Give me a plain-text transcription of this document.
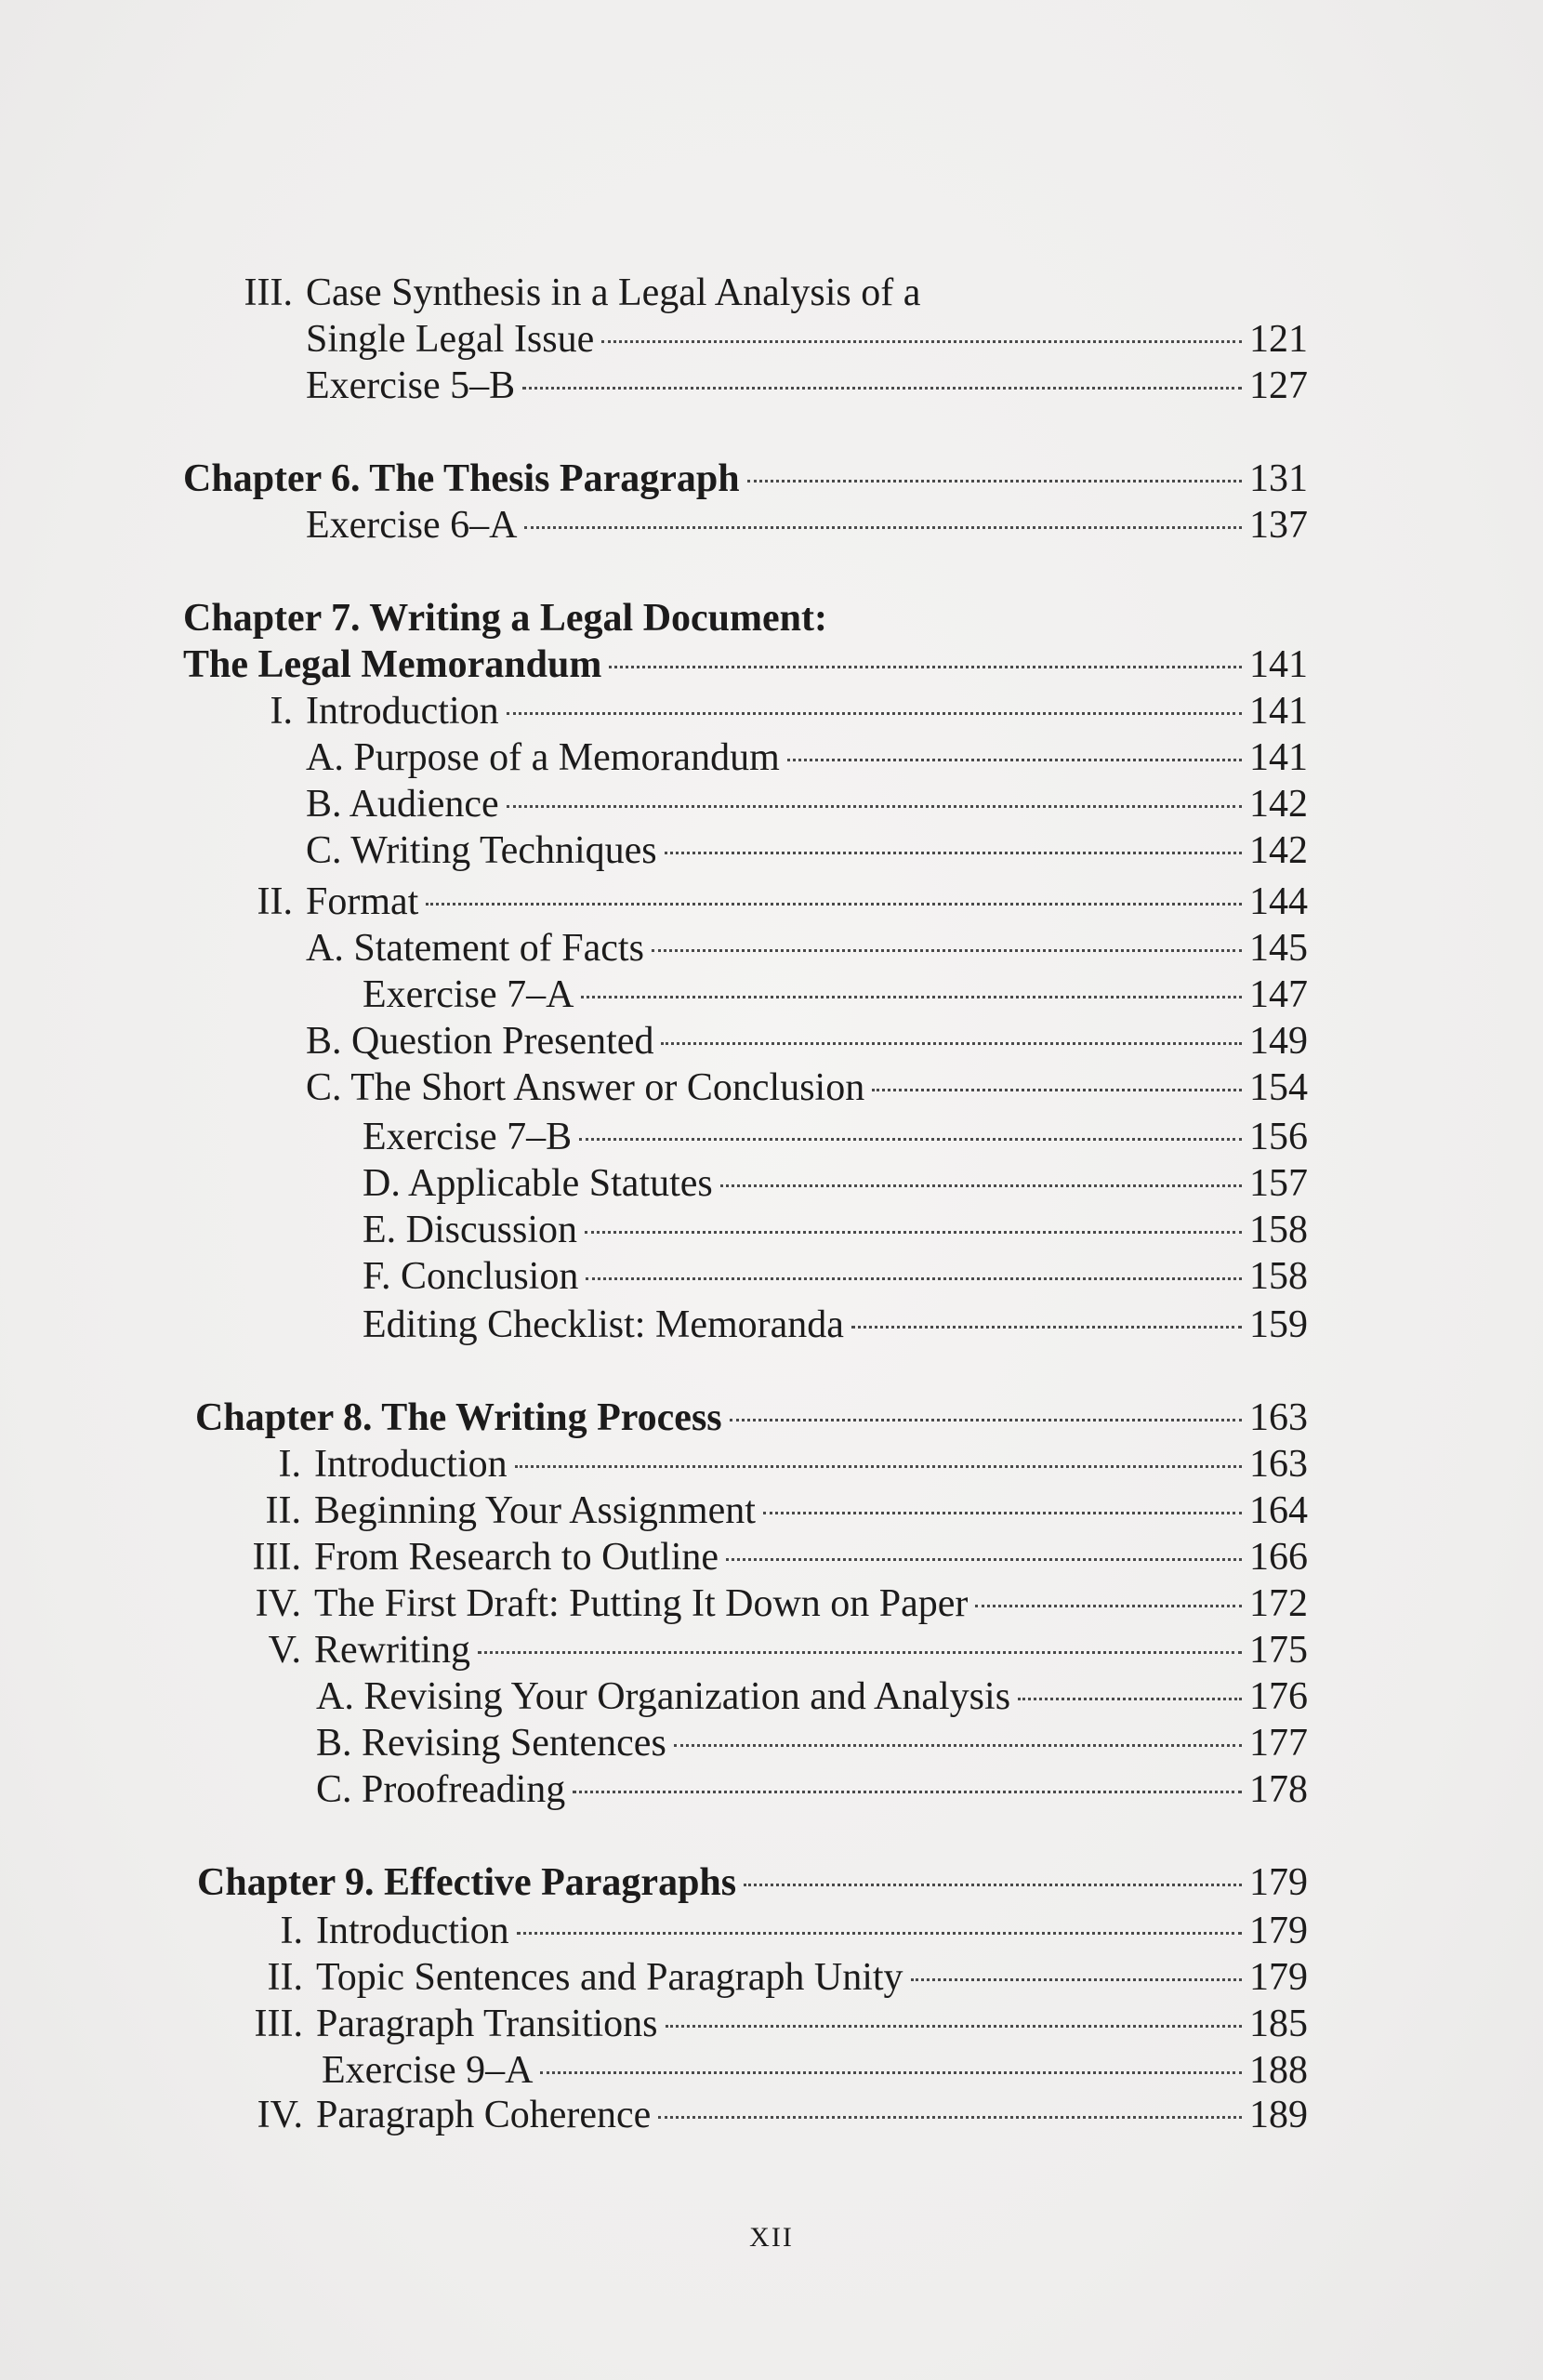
III. Case Synthesis in a Legal Analysis of a
Single Legal Issue	121
Exercise 5–B	127
Chapter 6. The Thesis Paragraph	131
Exercise 6–A	137
Chapter 7. Writing a Legal Document:
The Legal Memorandum	141
I. Introduction	141
A. Purpose of a Memorandum	141
B. Audience	142
C. Writing Techniques	142
II. Format	144
A. Statement of Facts	145
Exercise 7–A	147
B. Question Presented	149
C. The Short Answer or Conclusion	154
Exercise 7–B	156
D. Applicable Statutes	157
E. Discussion	158
F. Conclusion	158
Editing Checklist: Memoranda	159
Chapter 8. The Writing Process	163
I. Introduction	163
II. Beginning Your Assignment	164
III. From Research to Outline	166
IV. The First Draft: Putting It Down on Paper	172
V. Rewriting	175
A. Revising Your Organization and Analysis	176
B. Revising Sentences	177
C. Proofreading	178
Chapter 9. Effective Paragraphs	179
I. Introduction	179
II. Topic Sentences and Paragraph Unity	179
III. Paragraph Transitions	185
Exercise 9–A	188
IV. Paragraph Coherence	189
XII
